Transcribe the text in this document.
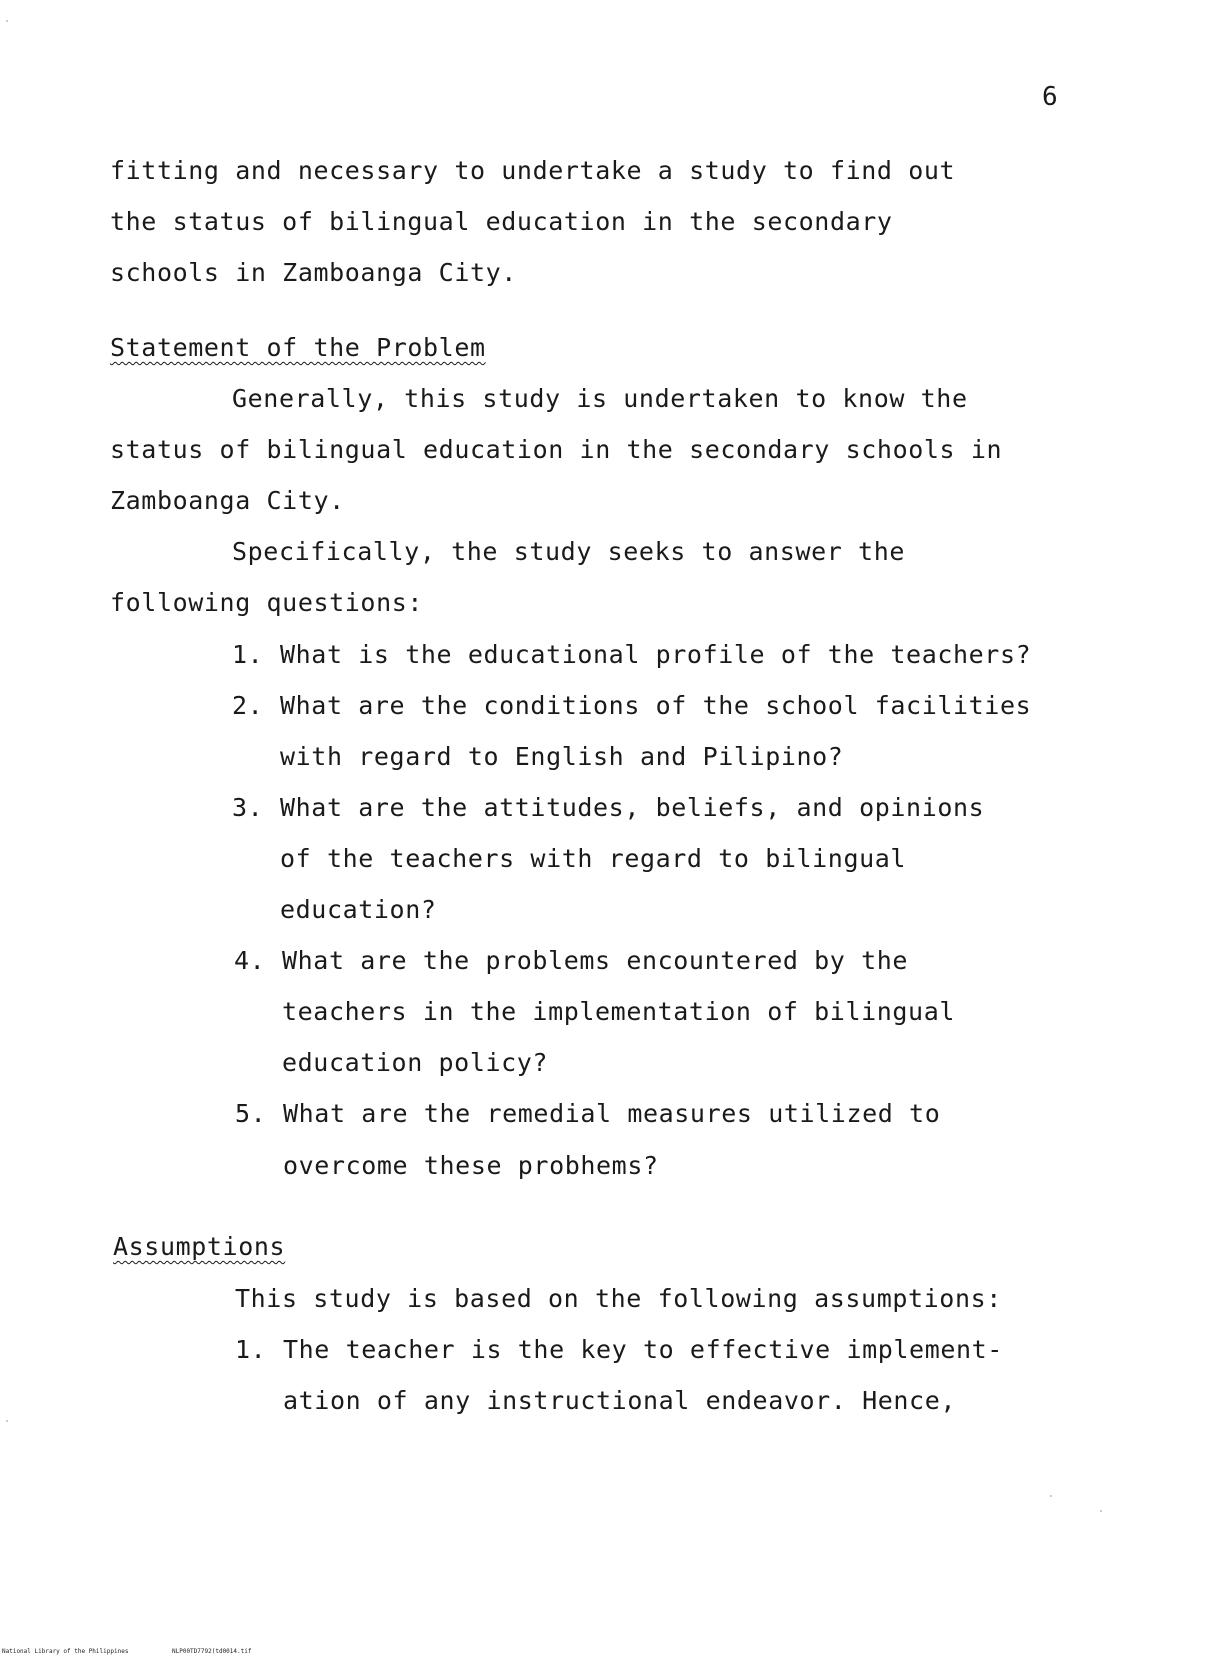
6
fitting and necessary to undertake a study to find out
the status of bilingual education in the secondary
schools in Zamboanga City.
Statement of the Problem
Generally, this study is undertaken to know the
status of bilingual education in the secondary schools in
Zamboanga City.
Specifically, the study seeks to answer the
following questions:
1. What is the educational profile of the teachers?
2. What are the conditions of the school facilities
with regard to English and Pilipino?
3. What are the attitudes, beliefs, and opinions
of the teachers with regard to bilingual
education?
4. What are the problems encountered by the
teachers in the implementation of bilingual
education policy?
5. What are the remedial measures utilized to
overcome these probhems?
Assumptions
This study is based on the following assumptions:
1. The teacher is the key to effective implement-
ation of any instructional endeavor. Hence,
National Library of the Philippines	NLP00TD7792(td0014.tif
